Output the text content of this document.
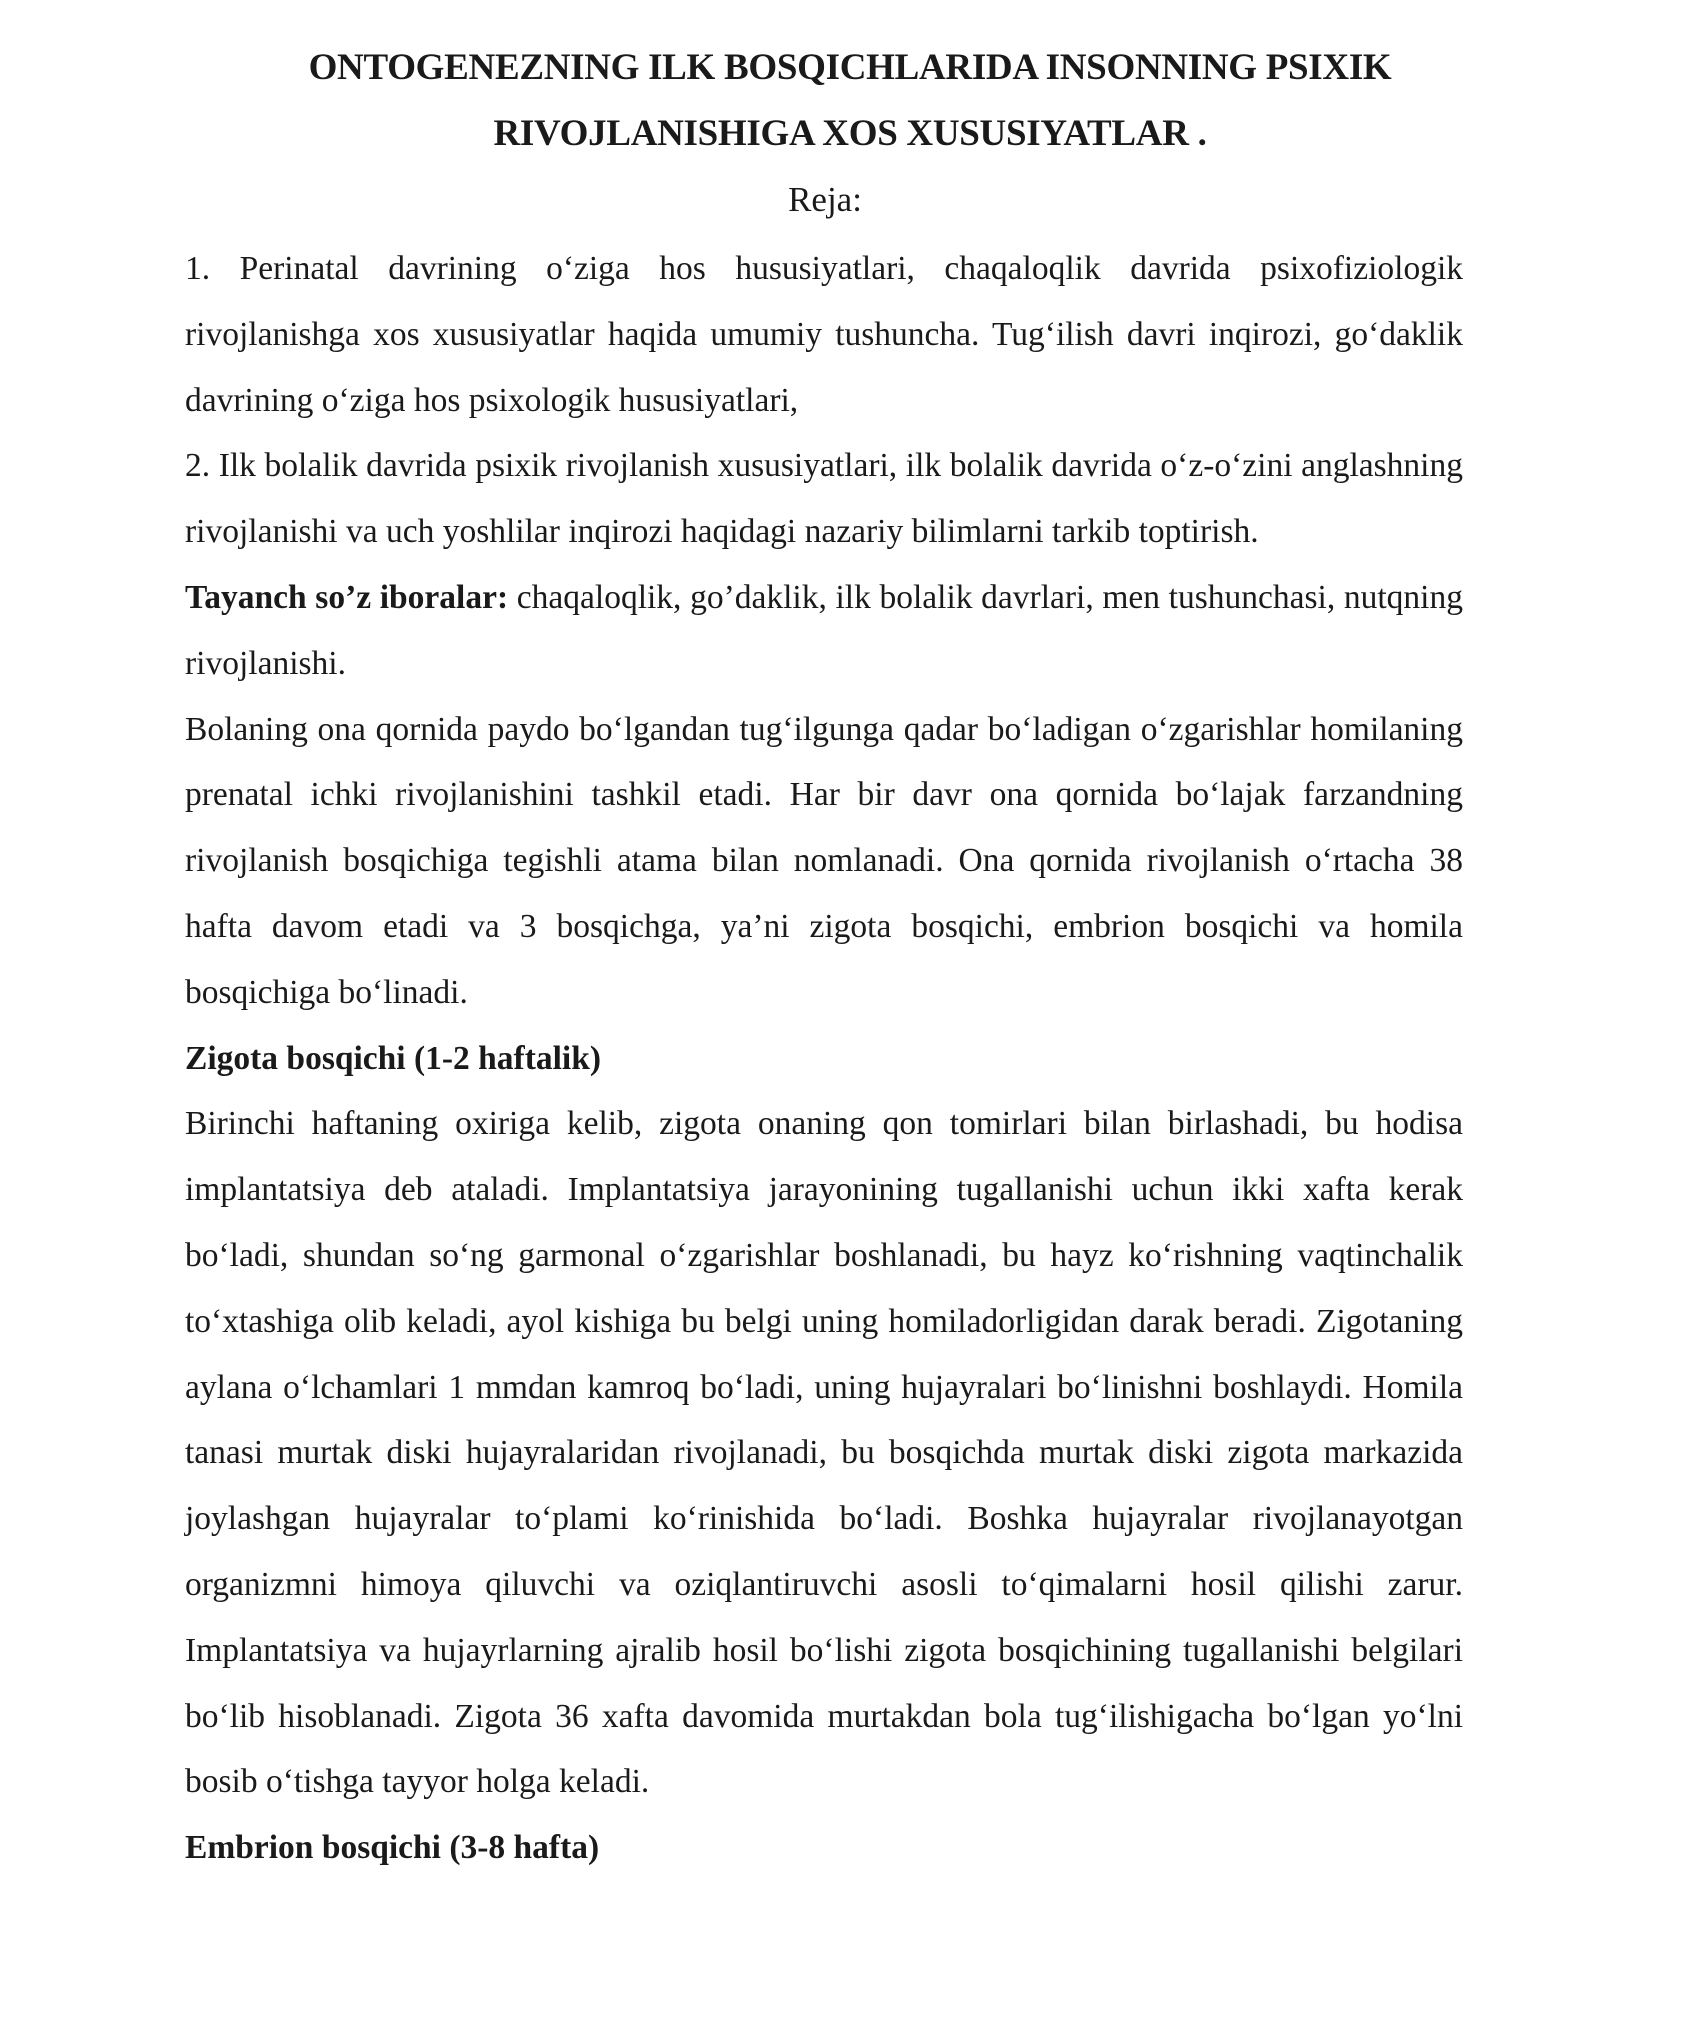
ONTOGENEZNING ILK BOSQICHLARIDA INSONNING PSIXIK
RIVOJLANISHIGA XOS XUSUSIYATLAR .
Reja:

1. Perinatal davrining o‘ziga hos hususiyatlari, chaqaloqlik davrida psixofiziologik rivojlanishga xos xususiyatlar haqida umumiy tushuncha. Tug‘ilish davri inqirozi, go‘daklik davrining o‘ziga hos psixologik hususiyatlari,

2. Ilk bolalik davrida psixik rivojlanish xususiyatlari, ilk bolalik davrida o‘z-o‘zini anglashning rivojlanishi va uch yoshlilar inqirozi haqidagi nazariy bilimlarni tarkib toptirish.

Tayanch so’z iboralar: chaqaloqlik, go’daklik, ilk bolalik davrlari, men tushunchasi, nutqning rivojlanishi.

Bolaning ona qornida paydo bo‘lgandan tug‘ilgunga qadar bo‘ladigan o‘zgarishlar homilaning prenatal ichki rivojlanishini tashkil etadi. Har bir davr ona qornida bo‘lajak farzandning rivojlanish bosqichiga tegishli atama bilan nomlanadi. Ona qornida rivojlanish o‘rtacha 38 hafta davom etadi va 3 bosqichga, ya’ni zigota bosqichi, embrion bosqichi va homila bosqichiga bo‘linadi.

Zigota bosqichi (1-2 haftalik)

Birinchi haftaning oxiriga kelib, zigota onaning qon tomirlari bilan birlashadi, bu hodisa implantatsiya deb ataladi. Implantatsiya jarayonining tugallanishi uchun ikki xafta kerak bo‘ladi, shundan so‘ng garmonal o‘zgarishlar boshlanadi, bu hayz ko‘rishning vaqtinchalik to‘xtashiga olib keladi, ayol kishiga bu belgi uning homiladorligidan darak beradi. Zigotaning aylana o‘lchamlari 1 mmdan kamroq bo‘ladi, uning hujayralari bo‘linishni boshlaydi. Homila tanasi murtak diski hujayralaridan rivojlanadi, bu bosqichda murtak diski zigota markazida joylashgan hujayralar to‘plami ko‘rinishida bo‘ladi. Boshka hujayralar rivojlanayotgan organizmni himoya qiluvchi va oziqlantiruvchi asosli to‘qimalarni hosil qilishi zarur. Implantatsiya va hujayrlarning ajralib hosil bo‘lishi zigota bosqichining tugallanishi belgilari bo‘lib hisoblanadi. Zigota 36 xafta davomida murtakdan bola tug‘ilishigacha bo‘lgan yo‘lni bosib o‘tishga tayyor holga keladi.

Embrion bosqichi (3-8 hafta)
